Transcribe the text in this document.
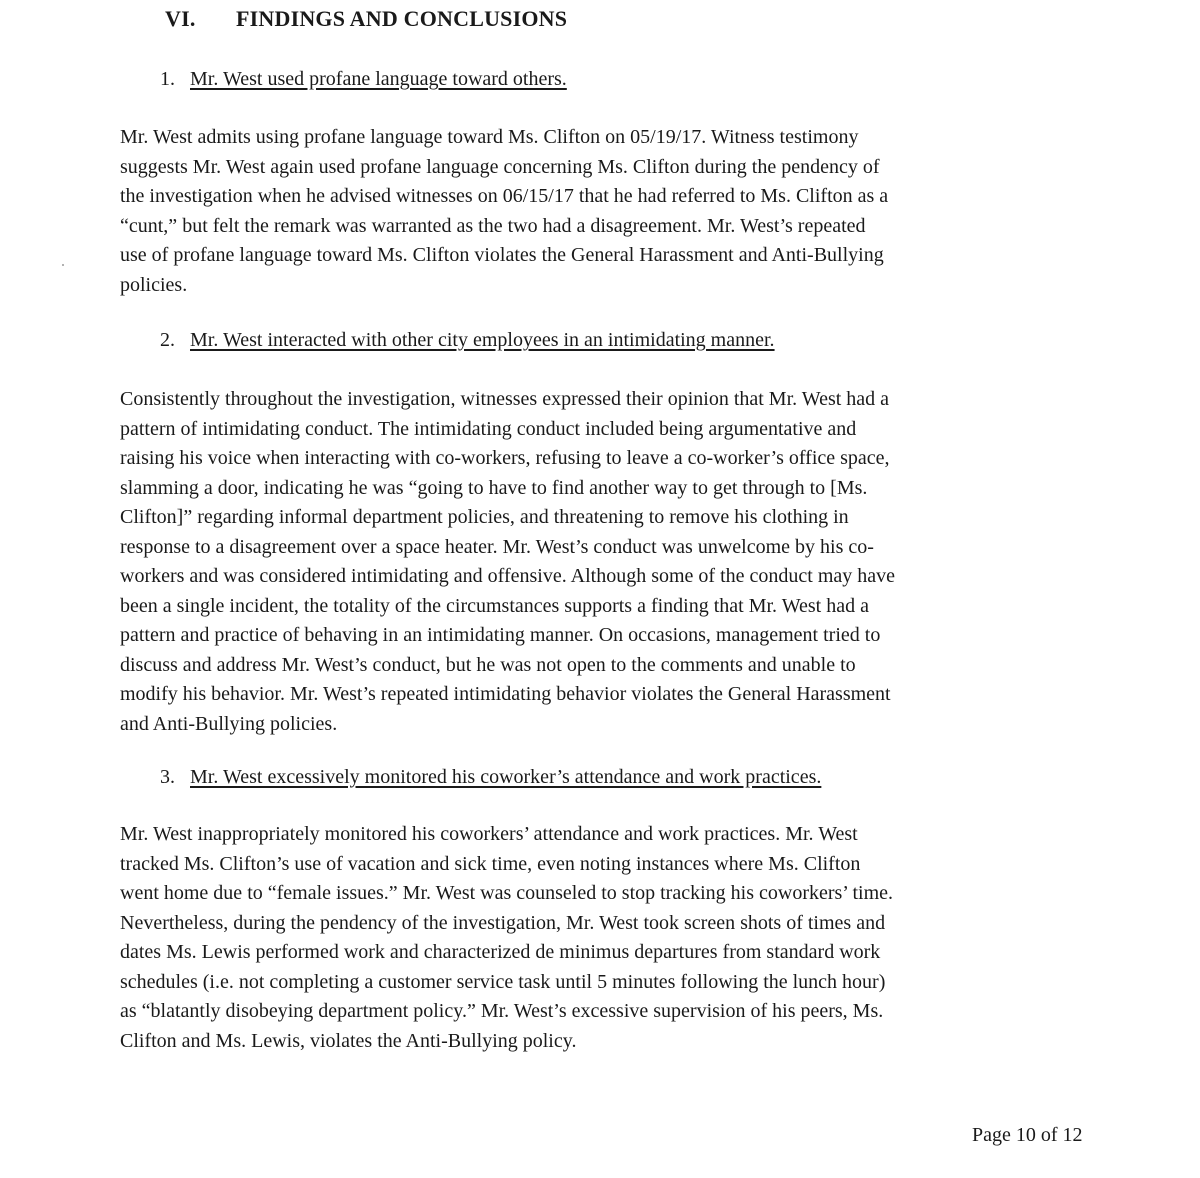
VI. FINDINGS AND CONCLUSIONS
1. Mr. West used profane language toward others.

Mr. West admits using profane language toward Ms. Clifton on 05/19/17. Witness testimony
suggests Mr. West again used profane language concerning Ms. Clifton during the pendency of
the investigation when he advised witnesses on 06/15/17 that he had referred to Ms. Clifton as a
“cunt,” but felt the remark was warranted as the two had a disagreement. Mr. West’s repeated
use of profane language toward Ms. Clifton violates the General Harassment and Anti-Bullying
policies.

2. Mr. West interacted with other city employees in an intimidating manner.

Consistently throughout the investigation, witnesses expressed their opinion that Mr. West had a
pattern of intimidating conduct. The intimidating conduct included being argumentative and
raising his voice when interacting with co-workers, refusing to leave a co-worker’s office space,
slamming a door, indicating he was “going to have to find another way to get through to [Ms.
Clifton]” regarding informal department policies, and threatening to remove his clothing in
response to a disagreement over a space heater. Mr. West’s conduct was unwelcome by his co-
workers and was considered intimidating and offensive. Although some of the conduct may have
been a single incident, the totality of the circumstances supports a finding that Mr. West had a
pattern and practice of behaving in an intimidating manner. On occasions, management tried to
discuss and address Mr. West’s conduct, but he was not open to the comments and unable to
modify his behavior. Mr. West’s repeated intimidating behavior violates the General Harassment
and Anti-Bullying policies.

3. Mr. West excessively monitored his coworker’s attendance and work practices.

Mr. West inappropriately monitored his coworkers’ attendance and work practices. Mr. West
tracked Ms. Clifton’s use of vacation and sick time, even noting instances where Ms. Clifton
went home due to “female issues.” Mr. West was counseled to stop tracking his coworkers’ time.
Nevertheless, during the pendency of the investigation, Mr. West took screen shots of times and
dates Ms. Lewis performed work and characterized de minimus departures from standard work
schedules (i.e. not completing a customer service task until 5 minutes following the lunch hour)
as “blatantly disobeying department policy.” Mr. West’s excessive supervision of his peers, Ms.
Clifton and Ms. Lewis, violates the Anti-Bullying policy.

Page 10 of 12
